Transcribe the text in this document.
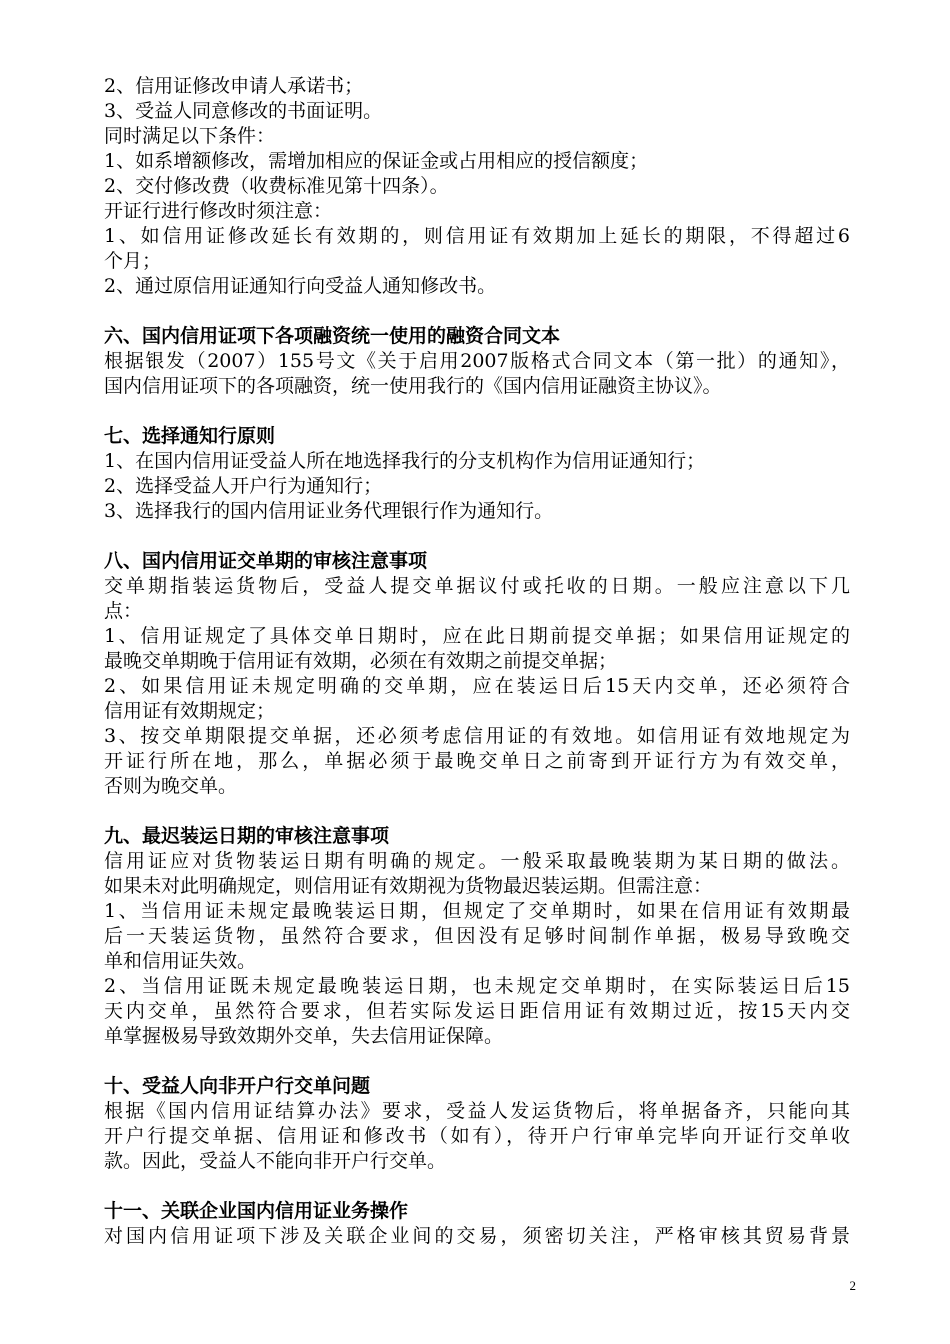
2、信用证修改申请人承诺书；
3、受益人同意修改的书面证明。
同时满足以下条件：
1、如系增额修改，需增加相应的保证金或占用相应的授信额度；
2、交付修改费（收费标准见第十四条）。
开证行进行修改时须注意：
1、如信用证修改延长有效期的，则信用证有效期加上延长的期限，不得超过6
个月；
2、通过原信用证通知行向受益人通知修改书。
六、国内信用证项下各项融资统一使用的融资合同文本
根据银发（2007）155号文《关于启用2007版格式合同文本（第一批）的通知》，
国内信用证项下的各项融资，统一使用我行的《国内信用证融资主协议》。
七、选择通知行原则
1、在国内信用证受益人所在地选择我行的分支机构作为信用证通知行；
2、选择受益人开户行为通知行；
3、选择我行的国内信用证业务代理银行作为通知行。
八、国内信用证交单期的审核注意事项
交单期指装运货物后，受益人提交单据议付或托收的日期。一般应注意以下几
点：
1、信用证规定了具体交单日期时，应在此日期前提交单据；如果信用证规定的
最晚交单期晚于信用证有效期，必须在有效期之前提交单据；
2、如果信用证未规定明确的交单期，应在装运日后15天内交单，还必须符合
信用证有效期规定；
3、按交单期限提交单据，还必须考虑信用证的有效地。如信用证有效地规定为
开证行所在地，那么，单据必须于最晚交单日之前寄到开证行方为有效交单，
否则为晚交单。
九、最迟装运日期的审核注意事项
信用证应对货物装运日期有明确的规定。一般采取最晚装期为某日期的做法。
如果未对此明确规定，则信用证有效期视为货物最迟装运期。但需注意：
1、当信用证未规定最晚装运日期，但规定了交单期时，如果在信用证有效期最
后一天装运货物，虽然符合要求，但因没有足够时间制作单据，极易导致晚交
单和信用证失效。
2、当信用证既未规定最晚装运日期，也未规定交单期时，在实际装运日后15
天内交单，虽然符合要求，但若实际发运日距信用证有效期过近，按15天内交
单掌握极易导致效期外交单，失去信用证保障。
十、受益人向非开户行交单问题
根据《国内信用证结算办法》要求，受益人发运货物后，将单据备齐，只能向其
开户行提交单据、信用证和修改书（如有），待开户行审单完毕向开证行交单收
款。因此，受益人不能向非开户行交单。
十一、关联企业国内信用证业务操作
对国内信用证项下涉及关联企业间的交易，须密切关注，严格审核其贸易背景
2
